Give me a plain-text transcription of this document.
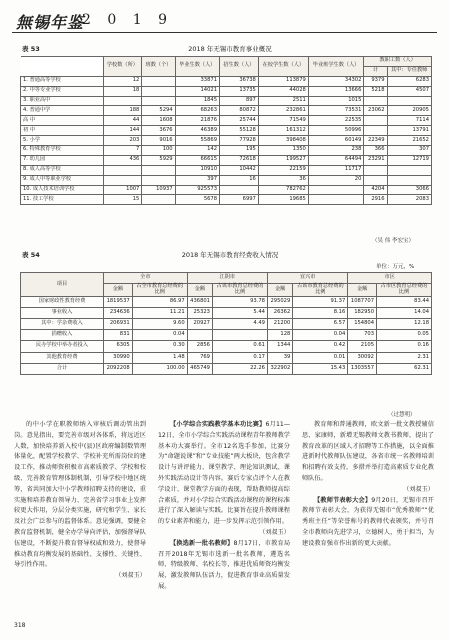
無锡年鉴
2 0 1 9
表 53	2018 年无锡市教育事业概况
	学校数（所）	班数（个）	毕业生数（人）	招生数（人）	在校学生数（人）	毕业班学生数（人）	教职工数（人）	
							计	其中：专任教师
1. 普通高等学校	12		33871	36738	113879	34302	9379	6283
2. 中等专业学校	18		14021	13735	44028	13666	5218	4507
3. 职业高中			1845	897	2511	1015		
4. 普通中学	188	5294	68263	80872	232861	73531	23062	20905
高 中	44	1608	21876	25744	71549	22535		7114
初 中	144	3676	46389	55128	161312	50996		13791
5. 小学	203	9016	55869	77928	398408	60149	22349	21652
6. 特殊教育学校	7	100	142	195	1350	238	366	307
7. 幼儿园	436	5929	66615	72618	199527	64494	23291	12719
8. 成人高等学校			10910	10442	22159	11717		
9. 成人中等职业学校			397	16	36	20		
10. 成人技术培训学校	1007	10937	925573		782762		4204	3066
11. 技工学校	15		5678	6997	19685		2916	2083
（吴 伟 李宏宝）
表 54	2018 年无锡市教育经费收入情况
单位：万元，%
项目	全市		江阴市		宜兴市		市区	
	金额	占全市教育总经费的比例	金额	占该市教育总经费的比例	金额	占该市教育总经费的比例	金额	占市区教育总经费的比例
国家财政性教育经费	1819537	86.97	436801	93.78	295029	91.37	1087707	83.44
事业收入	234636	11.21	25323	5.44	26362	8.16	182950	14.04
其中：学杂费收入	206931	9.60	20927	4.49	21200	6.57	154804	12.18
捐赠收入	831	0.04			128	0.04	703	0.05
民办学校中举办者投入	6305	0.30	2856	0.61	1344	0.42	2105	0.16
其他教育经费	30990	1.48	769	0.17	39	0.01	30092	2.31
合计	2092208	100.00	465749	22.26	322902	15.43	1303557	62.31
（过慧明）

的中小学在职教师纳入审核后调动管出到岗。意见指出，要完善市级对各体系，将远近区人数，加快培养新入校中(县)区政府编制数管理体量化，配置学校教学、学校补充所需岗位的建设工作，推动师资积极市高素质教学、学校和校级、完善教育管理体制机制，引导学校中地区统筹，省共同加大中小学教师招聘支持的建设，重实施和培养教育领导力、完善省学习事业上发挥较更大作用，分层分类实施，研究和学生、家长及社会广泛参与的监督体系。意见强调，要健全教育监督机制，健全办学导向评估，加强督导队伍建设，不断提升教育督导权威和效力，使督导推动教育均衡发展的基础性、支撑性、关键性、导引性作用。

（刘叔玉）

【小学综合实践教学基本功比赛】6月11—12日，全市小学综合实践活动课程青年教师教学基本功大赛举行。全市12名选手参加，比赛分为“命题说课”和“专业技能”两大板块，包含教学设计与讲评能力、课堂教学、理论知识测试、课外实践活动设计等内容。赛后专家点评个人在教学设计、课堂教学方面的表现，帮助教师提高综合素质，并对小学综合实践活动课程的课程标准进行了深入解读与实践。比赛旨在提升教师课程的专业素养和能力，进一步发挥示范引领作用。

（刘叔玉）

【换选新一批名教师】8月17日，市教育局召开2018年无锡市选新一批名教师，遴选名师、特级教师、名校长等，推进优质师资均衡发展，激发教师队伍活力，促进教育事业高质量发展。

教育师和普通教师，欧文新一批文教授辅信思、家康师，新增无锡教师文教书教师，提出了教育改革的区域人才招聘等工作措施，以全面推进新时代教师队伍建设，各省市统一名教师培训和招聘有效支持，多措并举打造高素质专业化教师队伍。

（刘叔玉）

【教师节表彰大会】9月20日，无锡市召开教师节表彰大会，为获得无锡市“优秀教师”“优秀班主任”等荣誉称号的教师代表颁奖，并号召全市教师向先进学习，立德树人，勇于担当，为建设教育强市作出新的更大贡献。

318
